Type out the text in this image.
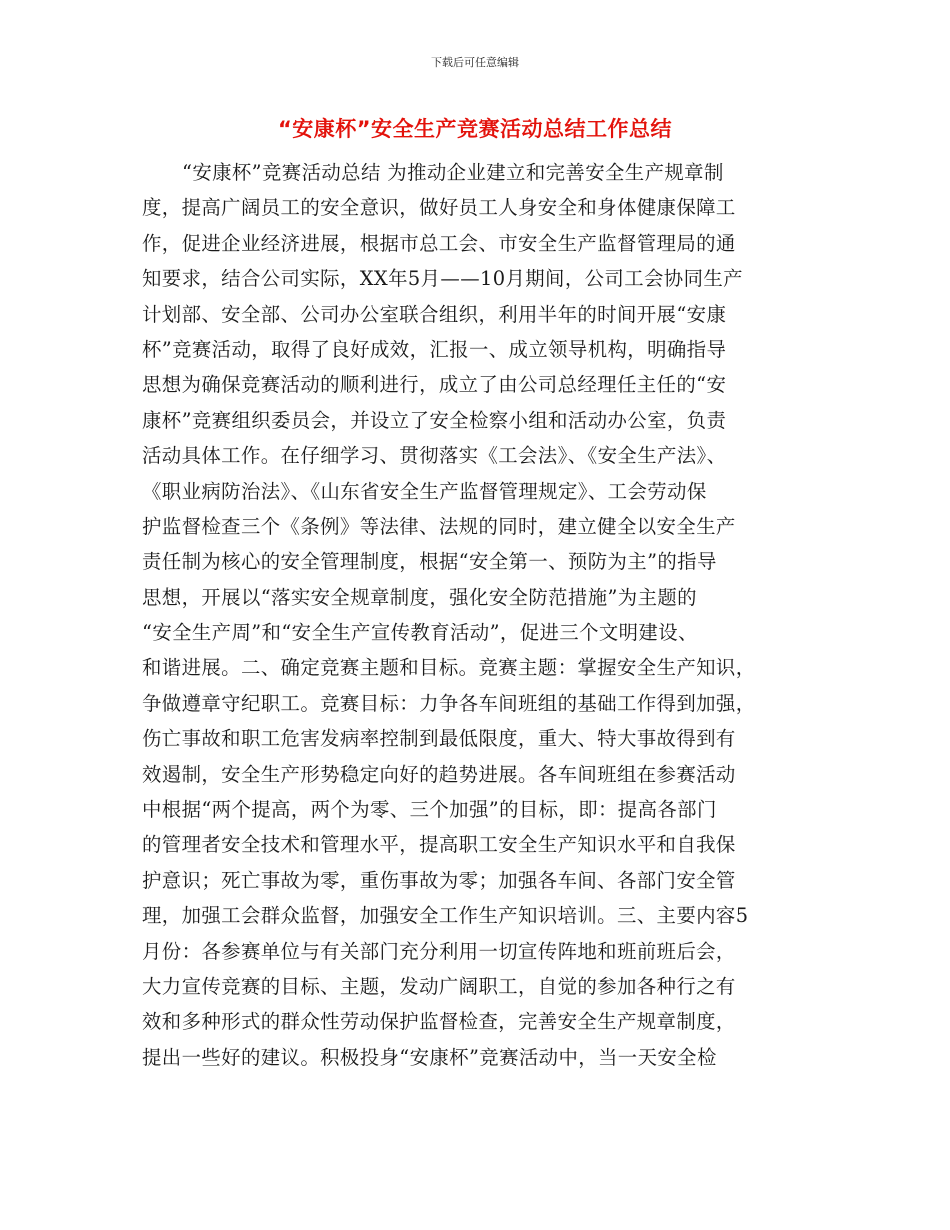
下载后可任意编辑
“安康杯”安全生产竞赛活动总结工作总结
“安康杯”竞赛活动总结 为推动企业建立和完善安全生产规章制
度，提高广阔员工的安全意识，做好员工人身安全和身体健康保障工
作，促进企业经济进展，根据市总工会、市安全生产监督管理局的通
知要求，结合公司实际，XX年5月——10月期间，公司工会协同生产
计划部、安全部、公司办公室联合组织，利用半年的时间开展“安康
杯”竞赛活动，取得了良好成效，汇报一、成立领导机构，明确指导
思想为确保竞赛活动的顺利进行，成立了由公司总经理任主任的“安
康杯”竞赛组织委员会，并设立了安全检察小组和活动办公室，负责
活动具体工作。在仔细学习、贯彻落实《工会法》、《安全生产法》、
《职业病防治法》、《山东省安全生产监督管理规定》、工会劳动保
护监督检查三个《条例》等法律、法规的同时，建立健全以安全生产
责任制为核心的安全管理制度，根据“安全第一、预防为主”的指导
思想，开展以“落实安全规章制度，强化安全防范措施”为主题的
“安全生产周”和“安全生产宣传教育活动”，促进三个文明建设、
和谐进展。二、确定竞赛主题和目标。竞赛主题：掌握安全生产知识，
争做遵章守纪职工。竞赛目标：力争各车间班组的基础工作得到加强，
伤亡事故和职工危害发病率控制到最低限度，重大、特大事故得到有
效遏制，安全生产形势稳定向好的趋势进展。各车间班组在参赛活动
中根据“两个提高，两个为零、三个加强”的目标，即：提高各部门
的管理者安全技术和管理水平，提高职工安全生产知识水平和自我保
护意识；死亡事故为零，重伤事故为零；加强各车间、各部门安全管
理，加强工会群众监督，加强安全工作生产知识培训。三、主要内容5
月份：各参赛单位与有关部门充分利用一切宣传阵地和班前班后会，
大力宣传竞赛的目标、主题，发动广阔职工，自觉的参加各种行之有
效和多种形式的群众性劳动保护监督检查，完善安全生产规章制度，
提出一些好的建议。积极投身“安康杯”竞赛活动中，当一天安全检
